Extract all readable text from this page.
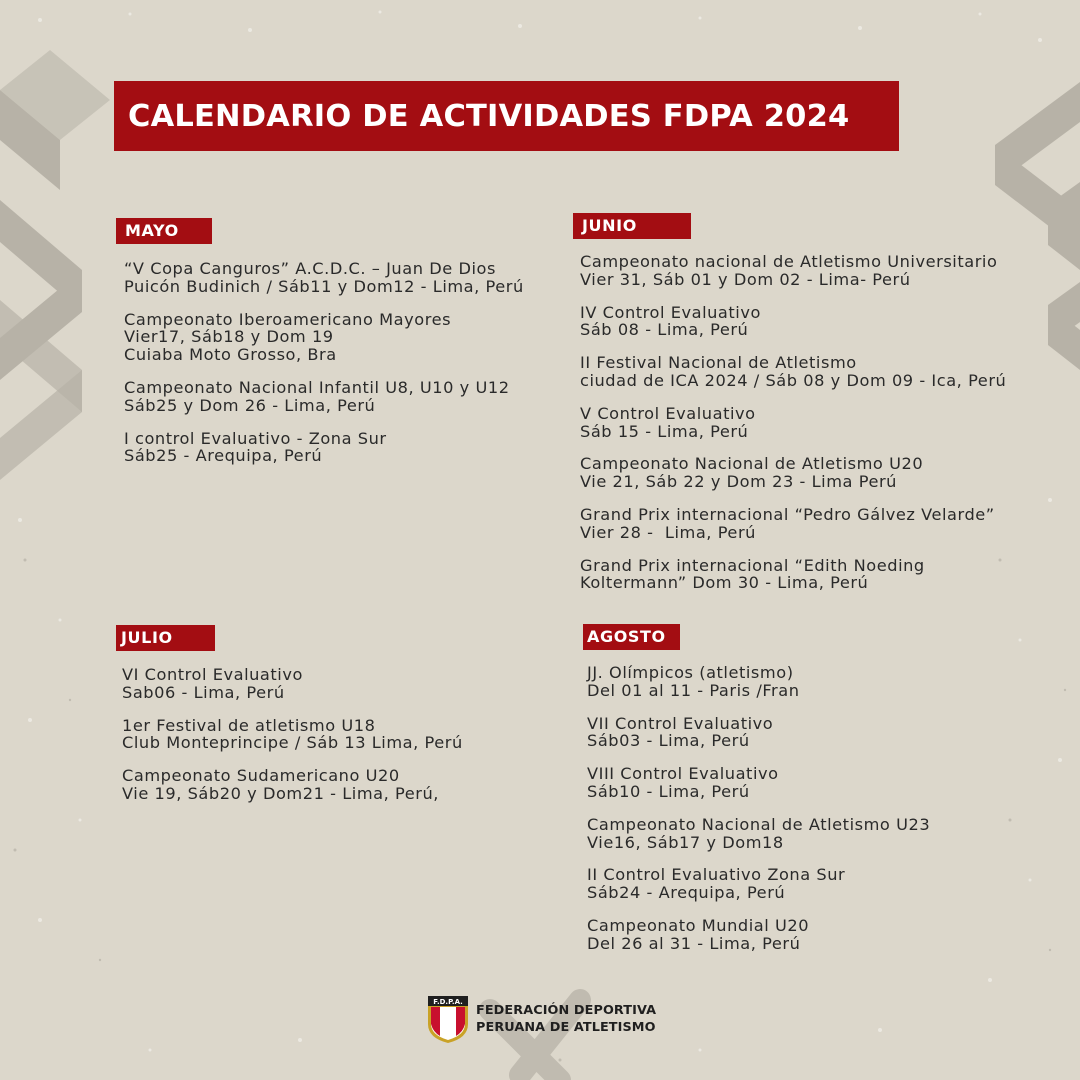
CALENDARIO DE ACTIVIDADES FDPA 2024
MAYO
“V Copa Canguros” A.C.D.C. – Juan De Dios
Puicón Budinich / Sáb11 y Dom12 - Lima, Perú
Campeonato Iberoamericano Mayores
Vier17, Sáb18 y Dom 19
Cuiaba Moto Grosso, Bra
Campeonato Nacional Infantil U8, U10 y U12
Sáb25 y Dom 26 - Lima, Perú
I control Evaluativo - Zona Sur
Sáb25 - Arequipa, Perú
JUNIO
Campeonato nacional de Atletismo Universitario
Vier 31, Sáb 01 y Dom 02 - Lima- Perú
IV Control Evaluativo
Sáb 08 - Lima, Perú
II Festival Nacional de Atletismo
ciudad de ICA 2024 / Sáb 08 y Dom 09 - Ica, Perú
V Control Evaluativo
Sáb 15 - Lima, Perú
Campeonato Nacional de Atletismo U20
Vie 21, Sáb 22 y Dom 23 - Lima Perú
Grand Prix internacional “Pedro Gálvez Velarde”
Vier 28 -  Lima, Perú
Grand Prix internacional “Edith Noeding
Koltermann” Dom 30 - Lima, Perú
JULIO
VI Control Evaluativo
Sab06 - Lima, Perú
1er Festival de atletismo U18
Club Monteprincipe / Sáb 13 Lima, Perú
Campeonato Sudamericano U20
Vie 19, Sáb20 y Dom21 - Lima, Perú,
AGOSTO
JJ. Olímpicos (atletismo)
Del 01 al 11 - Paris /Fran
VII Control Evaluativo
Sáb03 - Lima, Perú
VIII Control Evaluativo
Sáb10 - Lima, Perú
Campeonato Nacional de Atletismo U23
Vie16, Sáb17 y Dom18
II Control Evaluativo Zona Sur
Sáb24 - Arequipa, Perú
Campeonato Mundial U20
Del 26 al 31 - Lima, Perú
F.D.P.A.
FEDERACIÓN DEPORTIVA
PERUANA DE ATLETISMO
